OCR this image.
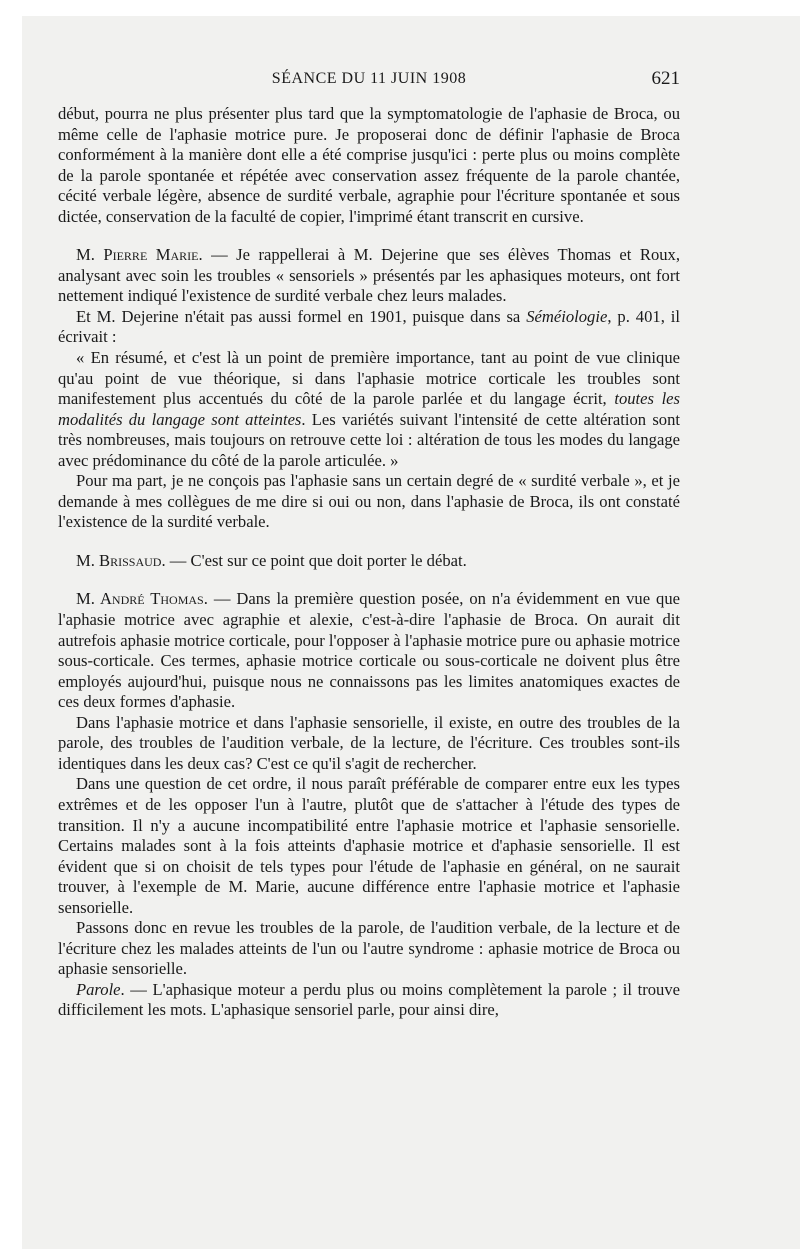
SÉANCE DU 11 JUIN 1908	621

début, pourra ne plus présenter plus tard que la symptomatologie de l'aphasie de Broca, ou même celle de l'aphasie motrice pure. Je proposerai donc de définir l'aphasie de Broca conformément à la manière dont elle a été comprise jusqu'ici : perte plus ou moins complète de la parole spontanée et répétée avec conservation assez fréquente de la parole chantée, cécité verbale légère, absence de surdité verbale, agraphie pour l'écriture spontanée et sous dictée, conservation de la faculté de copier, l'imprimé étant transcrit en cursive.

M. Pierre Marie. — Je rappellerai à M. Dejerine que ses élèves Thomas et Roux, analysant avec soin les troubles « sensoriels » présentés par les aphasiques moteurs, ont fort nettement indiqué l'existence de surdité verbale chez leurs malades.

Et M. Dejerine n'était pas aussi formel en 1901, puisque dans sa Séméiologie, p. 401, il écrivait :

« En résumé, et c'est là un point de première importance, tant au point de vue clinique qu'au point de vue théorique, si dans l'aphasie motrice corticale les troubles sont manifestement plus accentués du côté de la parole parlée et du langage écrit, toutes les modalités du langage sont atteintes. Les variétés suivant l'intensité de cette altération sont très nombreuses, mais toujours on retrouve cette loi : altération de tous les modes du langage avec prédominance du côté de la parole articulée. »

Pour ma part, je ne conçois pas l'aphasie sans un certain degré de « surdité verbale », et je demande à mes collègues de me dire si oui ou non, dans l'aphasie de Broca, ils ont constaté l'existence de la surdité verbale.

M. Brissaud. — C'est sur ce point que doit porter le débat.

M. André Thomas. — Dans la première question posée, on n'a évidemment en vue que l'aphasie motrice avec agraphie et alexie, c'est-à-dire l'aphasie de Broca. On aurait dit autrefois aphasie motrice corticale, pour l'opposer à l'aphasie motrice pure ou aphasie motrice sous-corticale. Ces termes, aphasie motrice corticale ou sous-corticale ne doivent plus être employés aujourd'hui, puisque nous ne connaissons pas les limites anatomiques exactes de ces deux formes d'aphasie.

Dans l'aphasie motrice et dans l'aphasie sensorielle, il existe, en outre des troubles de la parole, des troubles de l'audition verbale, de la lecture, de l'écriture. Ces troubles sont-ils identiques dans les deux cas? C'est ce qu'il s'agit de rechercher.

Dans une question de cet ordre, il nous paraît préférable de comparer entre eux les types extrêmes et de les opposer l'un à l'autre, plutôt que de s'attacher à l'étude des types de transition. Il n'y a aucune incompatibilité entre l'aphasie motrice et l'aphasie sensorielle. Certains malades sont à la fois atteints d'aphasie motrice et d'aphasie sensorielle. Il est évident que si on choisit de tels types pour l'étude de l'aphasie en général, on ne saurait trouver, à l'exemple de M. Marie, aucune différence entre l'aphasie motrice et l'aphasie sensorielle.

Passons donc en revue les troubles de la parole, de l'audition verbale, de la lecture et de l'écriture chez les malades atteints de l'un ou l'autre syndrome : aphasie motrice de Broca ou aphasie sensorielle.

Parole. — L'aphasique moteur a perdu plus ou moins complètement la parole ; il trouve difficilement les mots. L'aphasique sensoriel parle, pour ainsi dire,
